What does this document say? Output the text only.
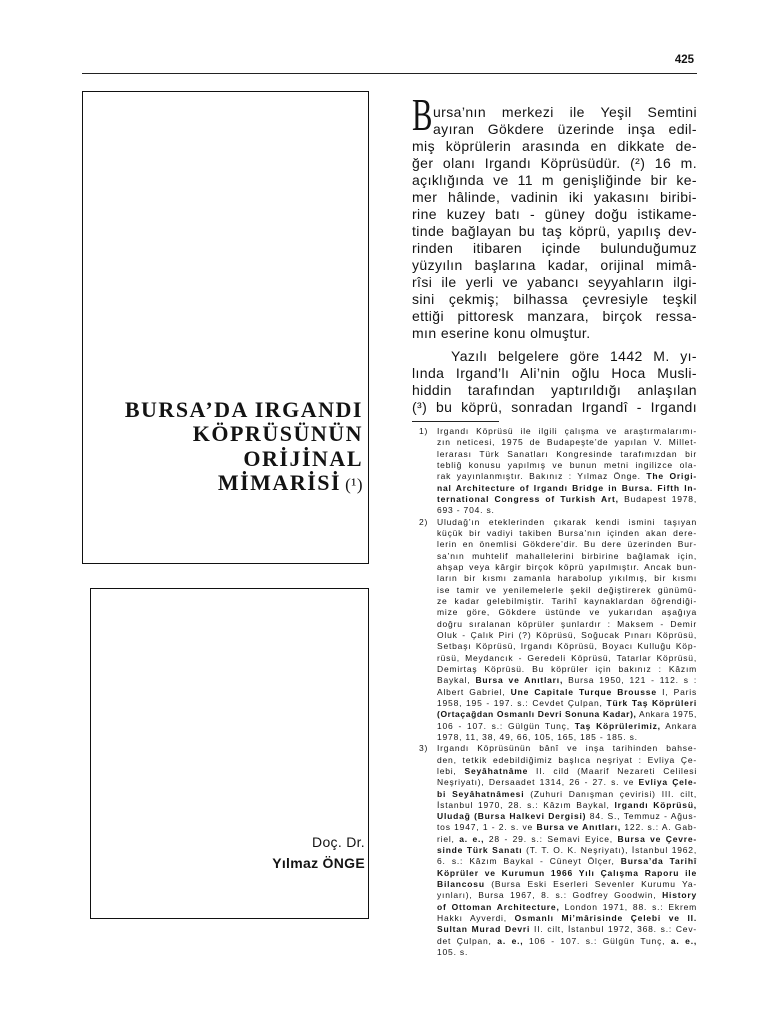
425
BURSA’DA IRGANDI
KÖPRÜSÜNÜN
ORİJİNAL
MİMARİSİ (¹)
Doç. Dr.
Yılmaz ÖNGE
B ursa’nın merkezi ile Yeşil Semtini
ayıran Gökdere üzerinde inşa edil-
miş köprülerin arasında en dikkate de-
ğer olanı Irgandı Köprüsüdür. (²) 16 m.
açıklığında ve 11 m genişliğinde bir ke-
mer hâlinde, vadinin iki yakasını biribi-
rine kuzey batı - güney doğu istikame-
tinde bağlayan bu taş köprü, yapılış dev-
rinden itibaren içinde bulunduğumuz
yüzyılın başlarına kadar, orijinal mimâ-
rîsi ile yerli ve yabancı seyyahların ilgi-
sini çekmiş; bilhassa çevresiyle teşkil
ettiği pittoresk manzara, birçok ressa-
mın eserine konu olmuştur.
Yazılı belgelere göre 1442 M. yı-
lında Irgand’lı Ali’nin oğlu Hoca Musli-
hiddin tarafından yaptırıldığı anlaşılan
(³) bu köprü, sonradan Irgandî - Irgandı
1)	Irgandı Köprüsü ile ilgili çalışma ve araştırmalarımı-
zın neticesi, 1975 de Budapeşte’de yapılan V. Millet-
lerarası Türk Sanatları Kongresinde tarafımızdan bir
tebliğ konusu yapılmış ve bunun metni ingilizce ola-
rak yayınlanmıştır. Bakınız : Yılmaz Önge. The Origi-
nal Architecture of Irgandı Bridge in Bursa. Fifth In-
ternational Congress of Turkish Art, Budapest 1978,
693 - 704. s.
2)	Uludağ’ın eteklerinden çıkarak kendi ismini taşıyan
küçük bir vadiyi takiben Bursa’nın içinden akan dere-
lerin en önemlisi Gökdere’dir. Bu dere üzerinden Bur-
sa’nın muhtelif mahallelerini birbirine bağlamak için,
ahşap veya kârgir birçok köprü yapılmıştır. Ancak bun-
ların bir kısmı zamanla harabolup yıkılmış, bir kısmı
ise tamir ve yenilemelerle şekil değiştirerek günümü-
ze kadar gelebilmiştir. Tarihî kaynaklardan öğrendiği-
mize göre, Gökdere üstünde ve yukarıdan aşağıya
doğru sıralanan köprüler şunlardır : Maksem - Demir
Oluk - Çalık Piri (?) Köprüsü, Soğucak Pınarı Köprüsü,
Setbaşı Köprüsü, Irgandı Köprüsü, Boyacı Kulluğu Köp-
rüsü, Meydancık - Geredeli Köprüsü, Tatarlar Köprüsü,
Demirtaş Köprüsü. Bu köprüler için bakınız : Kâzım
Baykal, Bursa ve Anıtları, Bursa 1950, 121 - 112. s :
Albert Gabriel, Une Capitale Turque Brousse I, Paris
1958, 195 - 197. s.: Cevdet Çulpan, Türk Taş Köprüleri
(Ortaçağdan Osmanlı Devri Sonuna Kadar), Ankara 1975,
106 - 107. s.: Gülgün Tunç, Taş Köprülerimiz, Ankara
1978, 11, 38, 49, 66, 105, 165, 185 - 185. s.
3)	Irgandı Köprüsünün bânî ve inşa tarihinden bahse-
den, tetkik edebildiğimiz başlıca neşriyat : Evliya Çe-
lebi, Seyâhatnâme II. cild (Maarif Nezareti Celilesi
Neşriyatı), Dersaadet 1314, 26 - 27. s. ve Evliya Çele-
bi Seyâhatnâmesi (Zuhuri Danışman çevirisi) III. cilt,
İstanbul 1970, 28. s.: Kâzım Baykal, Irgandı Köprüsü,
Uludağ (Bursa Halkevi Dergisi) 84. S., Temmuz - Ağus-
tos 1947, 1 - 2. s. ve Bursa ve Anıtları, 122. s.: A. Gab-
riel, a. e., 28 - 29. s.: Semavi Eyice, Bursa ve Çevre-
sinde Türk Sanatı (T. T. O. K. Neşriyatı), İstanbul 1962,
6. s.: Kâzım Baykal - Cüneyt Ölçer, Bursa’da Tarihî
Köprüler ve Kurumun 1966 Yılı Çalışma Raporu ile
Bilancosu (Bursa Eski Eserleri Sevenler Kurumu Ya-
yınları), Bursa 1967, 8. s.: Godfrey Goodwin, History
of Ottoman Architecture, London 1971, 88. s.: Ekrem
Hakkı Ayverdi, Osmanlı Mi’mârisinde Çelebi ve II.
Sultan Murad Devri II. cilt, İstanbul 1972, 368. s.: Cev-
det Çulpan, a. e., 106 - 107. s.: Gülgün Tunç, a. e.,
105. s.
